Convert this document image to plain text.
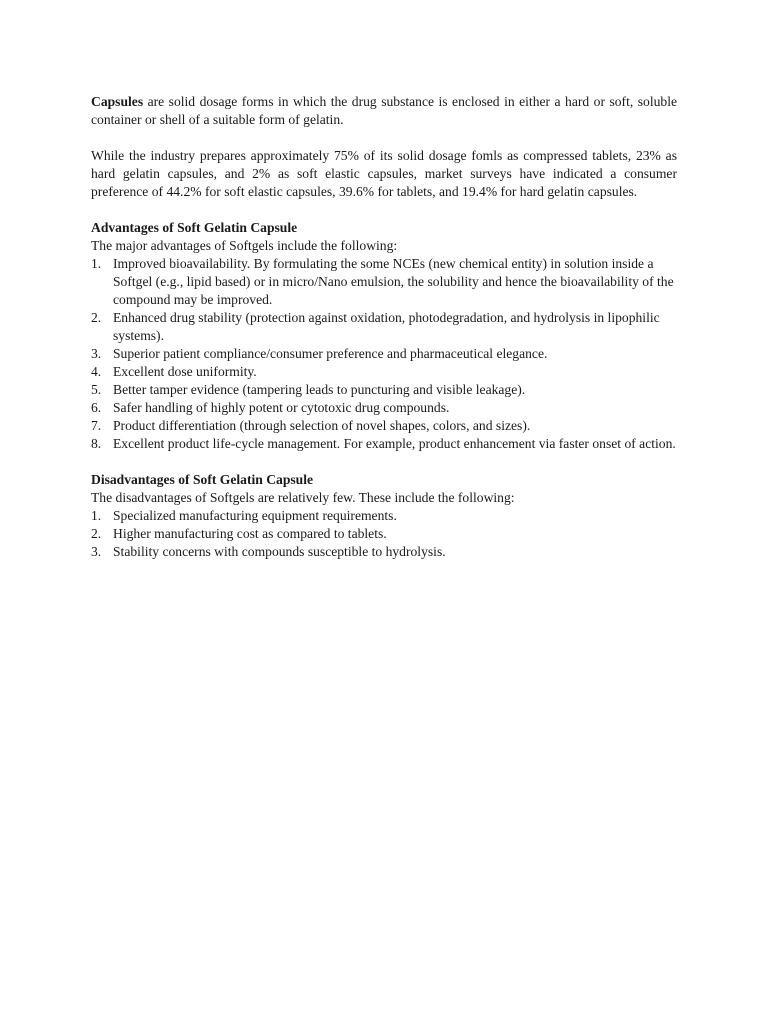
Capsules are solid dosage forms in which the drug substance is enclosed in either a hard or soft, soluble container or shell of a suitable form of gelatin.

While the industry prepares approximately 75% of its solid dosage fomls as compressed tablets, 23% as hard gelatin capsules, and 2% as soft elastic capsules, market surveys have indicated a consumer preference of 44.2% for soft elastic capsules, 39.6% for tablets, and 19.4% for hard gelatin capsules.

Advantages of Soft Gelatin Capsule

The major advantages of Softgels include the following:

1. Improved bioavailability. By formulating the some NCEs (new chemical entity) in solution inside a Softgel (e.g., lipid based) or in micro/Nano emulsion, the solubility and hence the bioavailability of the compound may be improved.
2. Enhanced drug stability (protection against oxidation, photodegradation, and hydrolysis in lipophilic systems).
3. Superior patient compliance/consumer preference and pharmaceutical elegance.
4. Excellent dose uniformity.
5. Better tamper evidence (tampering leads to puncturing and visible leakage).
6. Safer handling of highly potent or cytotoxic drug compounds.
7. Product differentiation (through selection of novel shapes, colors, and sizes).
8. Excellent product life-cycle management. For example, product enhancement via faster onset of action.

Disadvantages of Soft Gelatin Capsule

The disadvantages of Softgels are relatively few. These include the following:

1. Specialized manufacturing equipment requirements.
2. Higher manufacturing cost as compared to tablets.
3. Stability concerns with compounds susceptible to hydrolysis.
